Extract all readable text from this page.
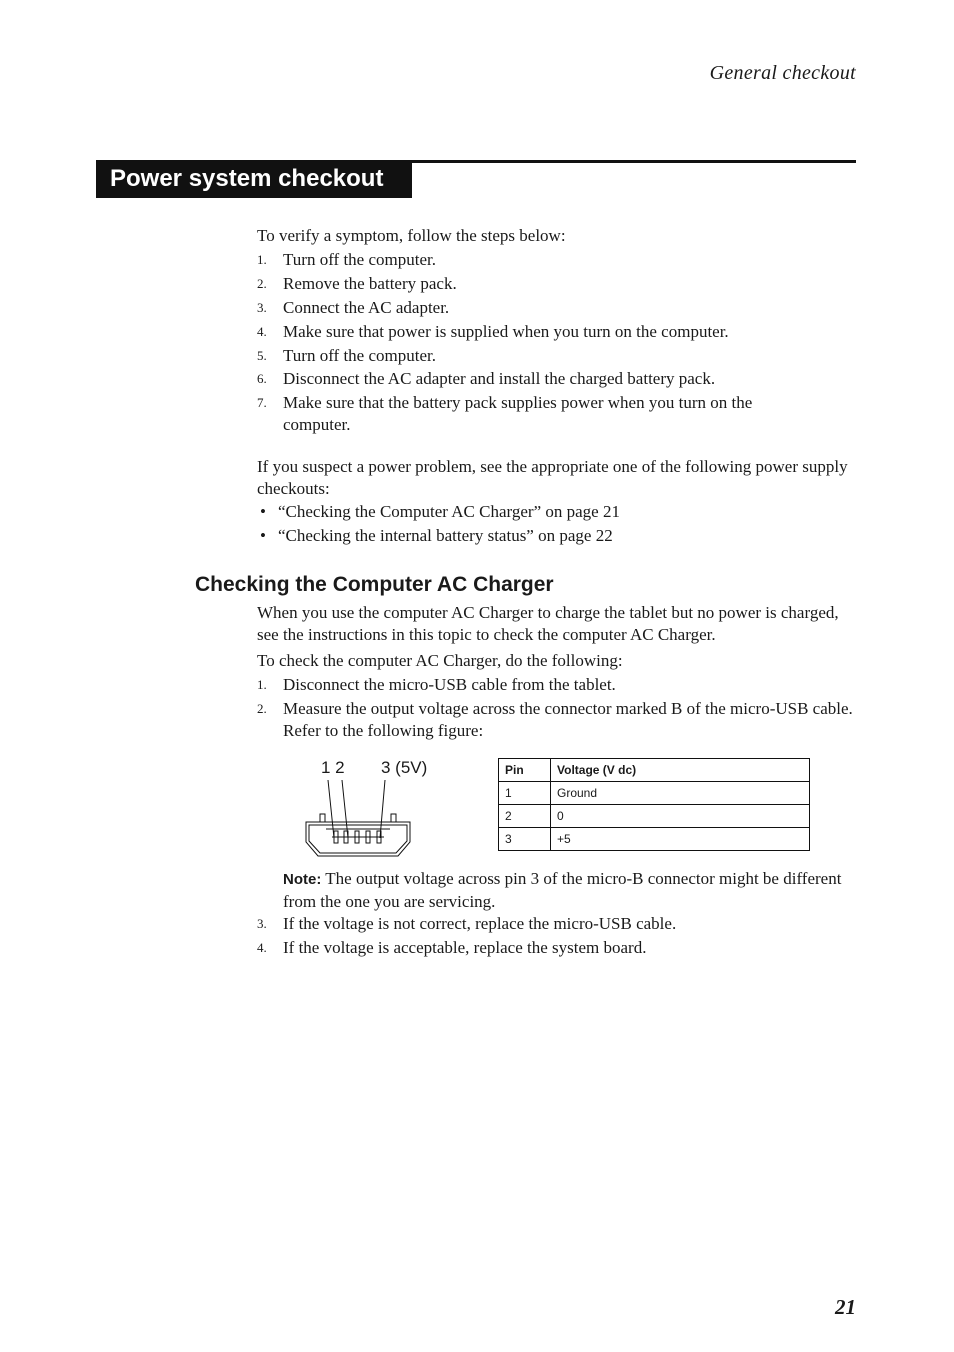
General checkout
Power system checkout
To verify a symptom, follow the steps below:
1. Turn off the computer.
2. Remove the battery pack.
3. Connect the AC adapter.
4. Make sure that power is supplied when you turn on the computer.
5. Turn off the computer.
6. Disconnect the AC adapter and install the charged battery pack.
7. Make sure that the battery pack supplies power when you turn on the computer.
If you suspect a power problem, see the appropriate one of the following power supply checkouts:
• “Checking the Computer AC Charger” on page 21
• “Checking the internal battery status” on page 22
Checking the Computer AC Charger
When you use the computer AC Charger to charge the tablet but no power is charged, see the instructions in this topic to check the computer AC Charger.
To check the computer AC Charger, do the following:
1. Disconnect the micro-USB cable from the tablet.
2. Measure the output voltage across the connector marked B of the micro-USB cable. Refer to the following figure:
1 2 3 (5V)	Pin	Voltage (V dc)
1	Ground
2	0
3	+5
Note: The output voltage across pin 3 of the micro-B connector might be different from the one you are servicing.
3. If the voltage is not correct, replace the micro-USB cable.
4. If the voltage is acceptable, replace the system board.
21
